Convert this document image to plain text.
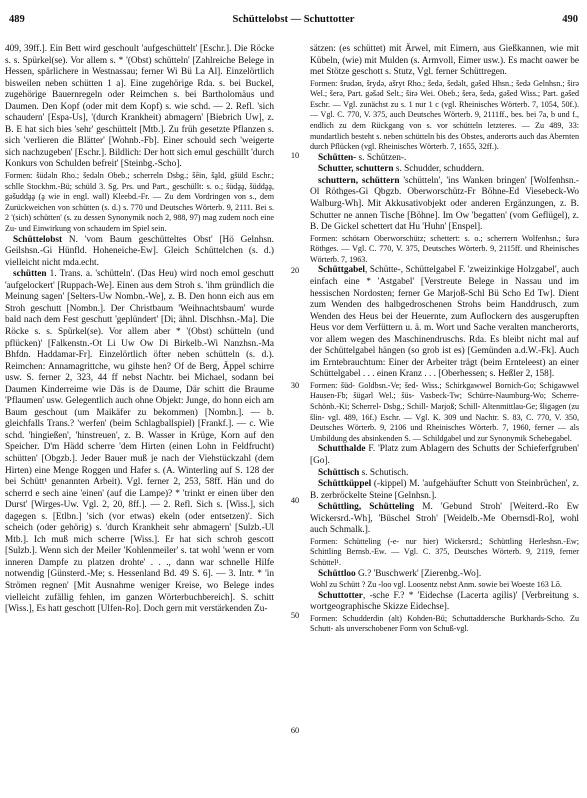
489	Schüttelobst — Schuttotter	490
10
20
30
40
50
60

409, 39ff.]. Ein Bett wird geschoult 'aufgeschüttelt' [Eschr.]. Die Röcke s. s. Spürkel(se). Vor allem s. * '(Obst) schütteln' [Zahlreiche Belege in Hessen, spärlichere in Westnassau; ferner Wi Bü La Al]. Einzelörtlich bisweilen neben schütten 1 a]. Eine zugehörige Rda. s. bei Buckel, zugehörige Bauernregeln oder Reimchen s. bei Bartholomäus und Daumen. Den Kopf (oder mit dem Kopf) s. wie schd. — 2. Refl. 'sich schaudern' [Espa-Us], '(durch Krankheit) abmagern' [Biebrich Uw], z. B. E hat sich bies 'sehr' geschüttelt [Mtb.]. Zu früh gesetzte Pflanzen s. sich 'verlieren die Blätter' [Wohnb.-Fb]. Einer schould sech 'weigerte sich nachzugeben' [Eschr.]. Bildlich: Der hott sich emul geschüllt 'durch Konkurs von Schulden befreit' [Steinbg.-Scho].

Formen: šüdəln Rho.; šedəln Obeb.; scherreln Dsbg.; šēin, šḁld, gšüld Eschr.; schlle Stockhm.-Bü; schüld 3. Sg. Prs. und Part., geschüllt: s. o.; šüdḁḁ, šüddḁḁ, gəšuddḁḁ (ḁ wie in engl. wall) Kleebd.-Fr. — Zu dem Vordringen von s., dem Zurückweichen von schütten (s. d.) s. 770 und Deutsches Wörterb. 9, 2111. Bei s. 2 '(sich) schütten' (s. zu dessen Synonymik noch 2, 988, 97) mag zudem noch eine Zu- und Einwirkung von schaudern im Spiel sein.

Schüttelobst N. 'vom Baum geschütteltes Obst' [Hö Gelnhsn. Geilshsn.-Gi Hünfld. Hoheneiche-Ew]. Gleich Schüttelchen (s. d.) vielleicht nicht mda.echt.

schütten 1. Trans. a. 'schütteln'. (Das Heu) wird noch emol geschutt 'aufgelockert' [Ruppach-We]. Einen aus dem Stroh s. 'ihm gründlich die Meinung sagen' [Selters-Uw Nombn.-We], z. B. Den honn eich aus em Stroh geschutt [Nombn.]. Der Christbaum 'Weihnachtsbaum' wurde bald nach dem Fest geschutt 'geplündert' [Di; ähnl. Dlschhsn.-Ma]. Die Röcke s. s. Spürkel(se). Vor allem aber * '(Obst) schütteln (und pflücken)' [Falkenstn.-Ot Li Uw Ow Di Birkelb.-Wi Nanzhsn.-Ma Bhfdn. Haddamar-Fr]. Einzelörtlich öfter neben schütteln (s. d.). Reimchen: Annamagrittche, wu gihste hen? Of de Berg, Äppel schirre usw. S. ferner 2, 323, 44 ff nebst Nachtr. bei Michael, sodann bei Daumen Kinderreime wie Däs is de Daume, Där schitt die Braume 'Pflaumen' usw. Gelegentlich auch ohne Objekt: Junge, do honn eich am Baum geschout (um Maikäfer zu bekommen) [Nombn.]. — b. gleichfalls Trans.? 'werfen' (beim Schlagballspiel) [Frankf.]. — c. Wie schd. 'hingießen', 'hinstreuen', z. B. Wasser in Krüge, Korn auf den Speicher. D'm Hädd scherre 'dem Hirten (einen Lohn in Feldfrucht) schütten' [Obgzb.]. Jeder Bauer muß je nach der Viehstückzahl (dem Hirten) eine Menge Roggen und Hafer s. (A. Winterling auf S. 128 der bei Schütt¹ genannten Arbeit). Vgl. ferner 2, 253, 58ff. Hän und do scherrd e sech aine 'einen' (auf die Lampe)? * 'trinkt er einen über den Durst' [Wirges-Uw. Vgl. 2, 20, 8ff.]. — 2. Refl. Sich s. [Wiss.], sich dagegen s. [Etlbn.] 'sich (vor etwas) ekeln (oder entsetzen)'. Sich scheich (oder gehörig) s. 'durch Krankheit sehr abmagern' [Sulzb.-Ul Mtb.]. Ich muß mich scherre [Wiss.]. Er hat sich schroh gescott [Sulzb.]. Wenn sich der Meiler 'Kohlenmeiler' s. tat wohl 'wenn er vom inneren Dampfe zu platzen drohte' . . ., dann war schnelle Hilfe notwendig [Günsterd.-Me; s. Hessenland Bd. 49 S. 6]. — 3. Intr. * 'in Strömen regnen' [Mit Ausnahme weniger Kreise, wo Belege indes vielleicht zufällig fehlen, im ganzen Wörterbuchbereich]. S. schitt [Wiss.], Es hatt geschott [Ulfen-Ro]. Doch gern mit verstärkenden Zu-

sätzen: (es schüttet) mit Ärwel, mit Eimern, aus Gießkannen, wie mit Kübeln, (wie) mit Mulden (s. Armvoll, Eimer usw.). Es macht oawer be met Stötze geschott s. Stutz, Vgl. ferner Schüttregen.

Formen: šrudən, šrydə, ašryt Rho.; šedə, šedəlt, gəšed Hhsn.; šedə Gelnhsn.; širə Wel.; šerə, Part. gəšəd Selt.; širə Wei. Obeb.; šerə, šedə, gəšed Wiss.; Part. gəšed Eschr. — Vgl. zunächst zu s. 1 nur 1 c (vgl. Rheinisches Wörterb. 7, 1054, 50f.). — Vgl. C. 770, V. 375, auch Deutsches Wörterb. 9, 2111ff., bes. bei 7a, b und f., endlich zu dem Rückgang von s. vor schütteln letzteres. — Zu 489, 33: mundartlich besteht s. neben schütteln bis des Obstes, anderorts auch das Abernten durch Pflücken (vgl. Rheinisches Wörterb. 7, 1655, 32ff.).

Schütten- s. Schützen-.

Schutter, schuttern s. Schudder, schuddern.

schuttern, schüttern 'schütteln', 'ins Wanken bringen' [Wolfenhsn.-Ol Röthges-Gi Qbgzb. Oberworschütz-Fr Böhne-Ed Viesebeck-Wo Walburg-Wh]. Mit Akkusativobjekt oder anderen Ergänzungen, z. B. Schutter ne annen Tische [Böhne]. Im Ow 'begatten' (vom Geflügel), z. B. De Gickel schettert dat Hu 'Huhn' [Enspel].

Formen: schötərn Oberworschütz; schettert: s. o.; scherrern Wolfenhsn.; šurə Röthges. — Vgl. C. 770, V. 375, Deutsches Wörterb. 9, 2115ff. und Rheinisches Wörterb. 7, 1963.

Schüttgabel, Schütte-, Schüttelgabel F. 'zweizinkige Holzgabel', auch einfach eine * 'Astgabel' [Verstreute Belege in Nassau und im hessischen Nordosten; ferner Ge Marjoß-Schl Bü Scho Ed Tw]. Dient zum Wenden des halbgedroschenen Strohs beim Handdrusch, zum Wenden des Heus bei der Heuernte, zum Auflockern des ausgerupften Heus vor dem Verfüttern u. ä. m. Wort und Sache veralten mancherorts, vor allem wegen des Maschinendruschs. Rda. Es bleibt nicht mal auf der Schüttelgabel hängen (so grob ist es) [Gemünden a.d.W.-Fk]. Auch im Erntebrauchtum: Einer der Arbeiter trägt (beim Ernteleest) an einer Schüttelgabel . . . einen Kranz . . . [Oberhessen; s. Heßler 2, 158].

Formen: šüd- Goldbsn.-Ve; šed- Wiss.; Schirkgawwel Bornich-Go; Schigawwel Hausen-Fb; šügərl Wel.; šüs- Vasbeck-Tw; Schürre-Naumburg-Wo; Scherre- Schönb.-Ki; Scherrel- Dsbg.; Schill- Marjoß; Schill- Altenmittlau-Ge; šligəgen (zu šlin- vgl. 489, 16f.) Eschr. — Vgl. K. 309 und Nachtr. S. 83, C. 770, V. 350, Deutsches Wörterb. 9, 2106 und Rheinisches Wörterb. 7, 1960, ferner — als Umbildung des absinkenden S. — Schildgabel und zur Synonymik Schebegabel.

Schutthalde F. 'Platz zum Ablagern des Schutts der Schieferfgruben' [Go].

Schüttisch s. Schutisch.

Schüttküppel (-kippel) M. 'aufgehäufter Schutt von Steinbrüchen', z. B. zerbröckelte Steine [Gelnhsn.].

Schüttling, Schütteling M. 'Gebund Stroh' [Weiterd.-Ro Ew Wickersrd.-Wh], 'Büschel Stroh' [Weidelb.-Me Obernsdl-Ro], wohl auch Schmalk.].

Formen: Schütteling (-e- nur hier) Wickersrd.; Schüttling Herleshsn.-Ew; Schittling Bernsb.-Ew. — Vgl. C. 375, Deutsches Wörterb. 9, 2119, ferner Schüttel¹.

Schüttloo G.? 'Buschwerk' [Zierenbg.-Wo].

Wohl zu Schütt ? Zu -loo vgl. Loosentz nebst Anm. sowie bei Woeste 163 Lō.

Schuttotter, -sche F.? * 'Eidechse (Lacerta agilis)' [Verbreitung s. wortgeographische Skizze Eidechse].

Formen: Schudderdin (alt) Kohden-Bü; Schuttaddersche Burkhards-Scho. Zu Schutt- als unverschobener Form von Schuß-vgl.
